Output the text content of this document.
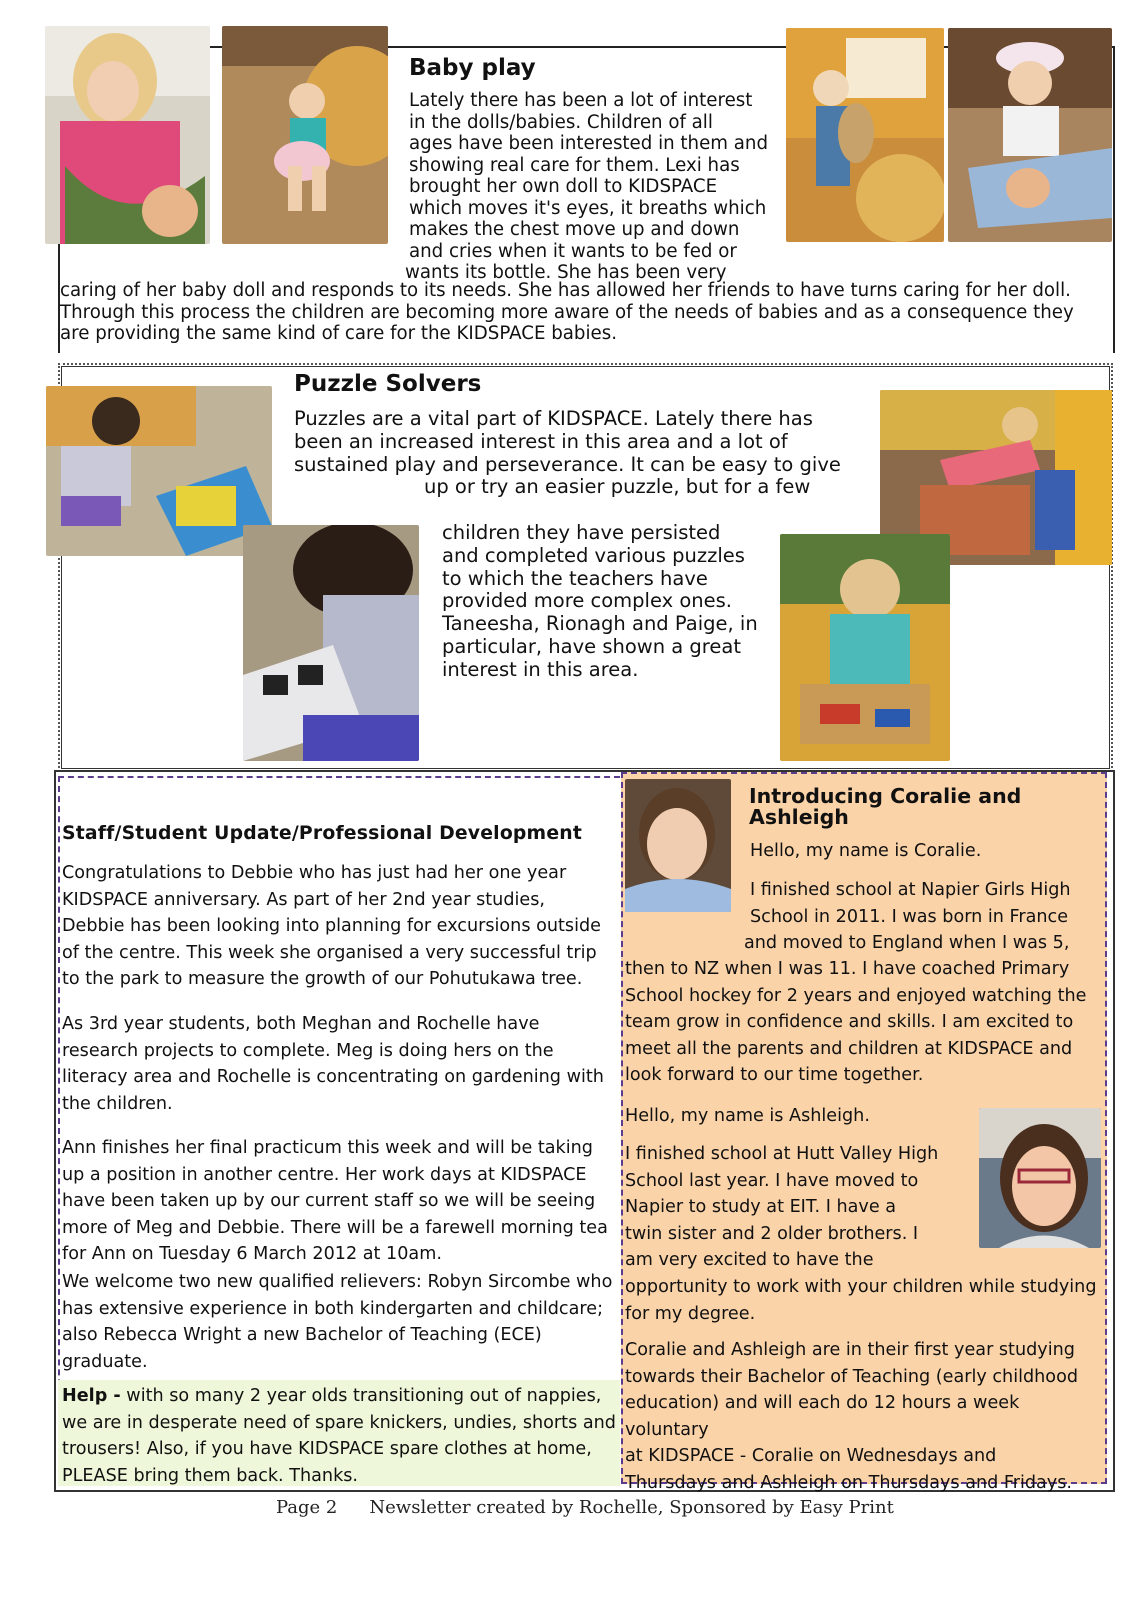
Baby play
Lately there has been a lot of interest
in the dolls/babies. Children of all
ages have been interested in them and
showing real care for them. Lexi has
brought her own doll to KIDSPACE
which moves it's eyes, it breaths which
makes the chest move up and down
and cries when it wants to be fed or
wants its bottle. She has been very
caring of her baby doll and responds to its needs. She has allowed her friends to have turns caring for her doll.
Through this process the children are becoming more aware of the needs of babies and as a consequence they
are providing the same kind of care for the KIDSPACE babies.
Puzzle Solvers
Puzzles are a vital part of KIDSPACE. Lately there has
been an increased interest in this area and a lot of
sustained play and perseverance. It can be easy to give
up or try an easier puzzle, but for a few
children they have persisted
and completed various puzzles
to which the teachers have
provided more complex ones.
Taneesha, Rionagh and Paige, in
particular, have shown a great
interest in this area.
Staff/Student Update/Professional Development
Congratulations to Debbie who has just had her one year
KIDSPACE anniversary. As part of her 2nd year studies,
Debbie has been looking into planning for excursions outside
of the centre. This week she organised a very successful trip
to the park to measure the growth of our Pohutukawa tree.
As 3rd year students, both Meghan and Rochelle have
research projects to complete. Meg is doing hers on the
literacy area and Rochelle is concentrating on gardening with
the children.
Ann finishes her final practicum this week and will be taking
up a position in another centre. Her work days at KIDSPACE
have been taken up by our current staff so we will be seeing
more of Meg and Debbie. There will be a farewell morning tea
for Ann on Tuesday 6 March 2012 at 10am.
We welcome two new qualified relievers: Robyn Sircombe who
has extensive experience in both kindergarten and childcare;
also Rebecca Wright a new Bachelor of Teaching (ECE)
graduate.
Help - with so many 2 year olds transitioning out of nappies,
we are in desperate need of spare knickers, undies, shorts and
trousers! Also, if you have KIDSPACE spare clothes at home,
PLEASE bring them back. Thanks.
Introducing Coralie and Ashleigh
Hello, my name is Coralie.
I finished school at Napier Girls High
School in 2011. I was born in France
and moved to England when I was 5,
then to NZ when I was 11. I have coached Primary
School hockey for 2 years and enjoyed watching the
team grow in confidence and skills. I am excited to
meet all the parents and children at KIDSPACE and
look forward to our time together.
Hello, my name is Ashleigh.
I finished school at Hutt Valley High
School last year. I have moved to
Napier to study at EIT. I have a
twin sister and 2 older brothers. I
am very excited to have the
opportunity to work with your children while studying
for my degree.
Coralie and Ashleigh are in their first year studying
towards their Bachelor of Teaching (early childhood
education) and will each do 12 hours a week voluntary
at KIDSPACE - Coralie on Wednesdays and
Thursdays and Ashleigh on Thursdays and Fridays.
Page 2 Newsletter created by Rochelle, Sponsored by Easy Print
